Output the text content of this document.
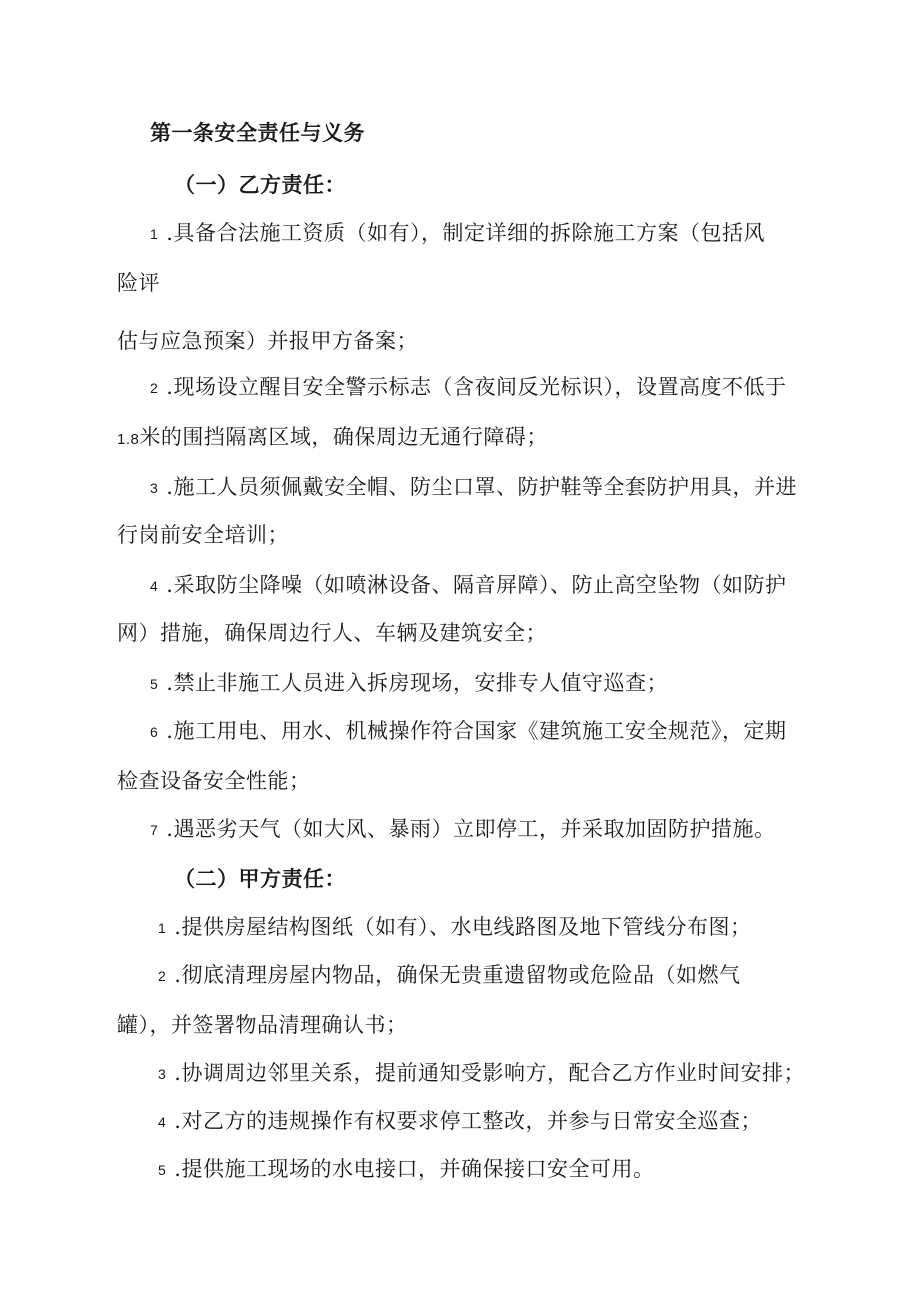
第一条安全责任与义务
（一）乙方责任：
1 .具备合法施工资质（如有），制定详细的拆除施工方案（包括风
险评
估与应急预案）并报甲方备案；
2 .现场设立醒目安全警示标志（含夜间反光标识），设置高度不低于
1.8米的围挡隔离区域，确保周边无通行障碍；
3 .施工人员须佩戴安全帽、防尘口罩、防护鞋等全套防护用具，并进
行岗前安全培训；
4 .采取防尘降噪（如喷淋设备、隔音屏障）、防止高空坠物（如防护
网）措施，确保周边行人、车辆及建筑安全；
5 .禁止非施工人员进入拆房现场，安排专人值守巡查；
6 .施工用电、用水、机械操作符合国家《建筑施工安全规范》，定期
检查设备安全性能；
7 .遇恶劣天气（如大风、暴雨）立即停工，并采取加固防护措施。
（二）甲方责任：
1 .提供房屋结构图纸（如有）、水电线路图及地下管线分布图；
2 .彻底清理房屋内物品，确保无贵重遗留物或危险品（如燃气
罐），并签署物品清理确认书；
3 .协调周边邻里关系，提前通知受影响方，配合乙方作业时间安排；
4 .对乙方的违规操作有权要求停工整改，并参与日常安全巡查；
5 .提供施工现场的水电接口，并确保接口安全可用。
